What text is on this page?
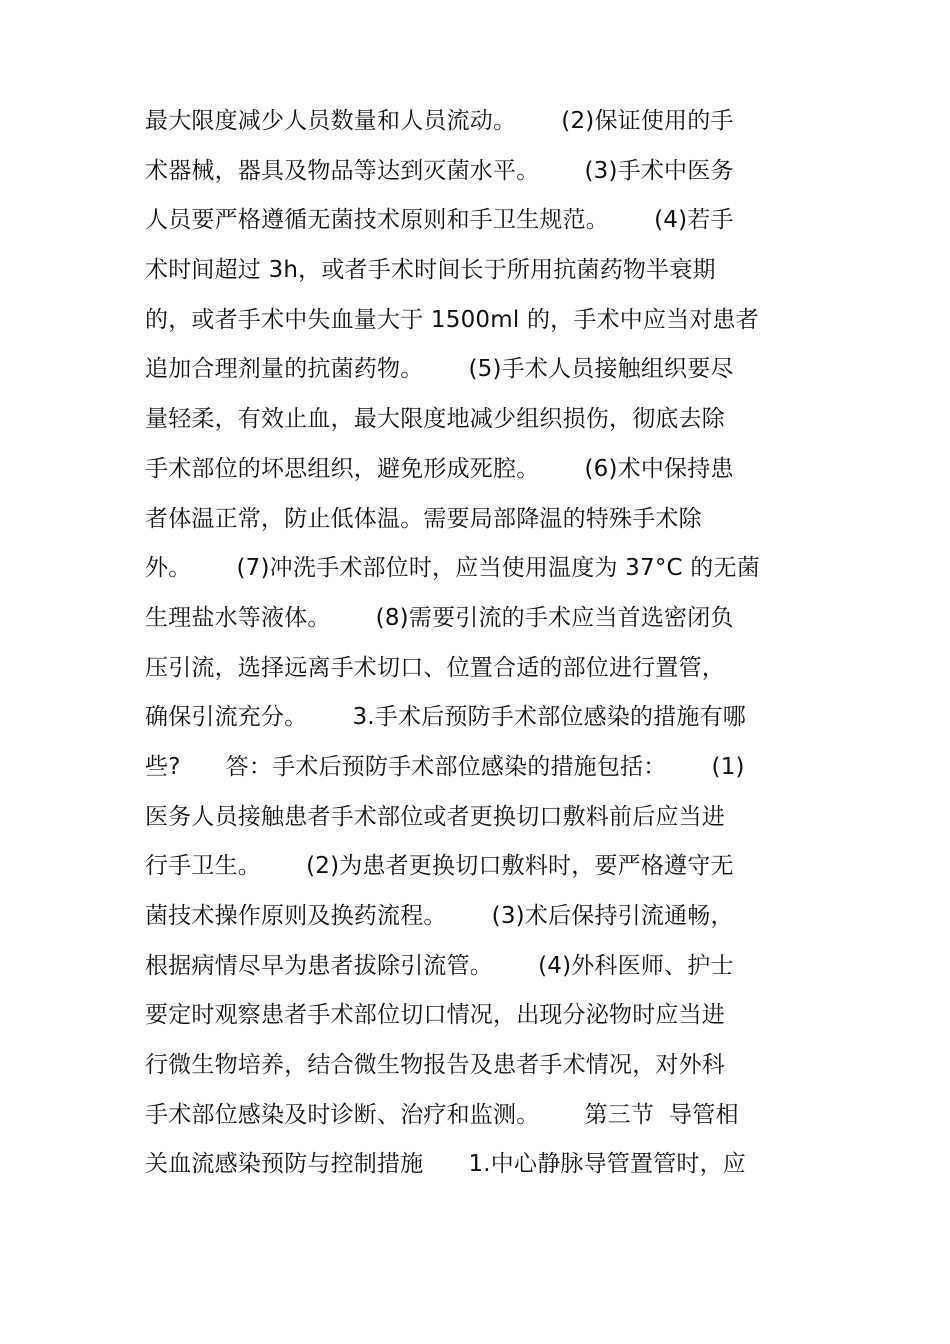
最大限度减少人员数量和人员流动。      (2)保证使用的手
术器械，器具及物品等达到灭菌水平。      (3)手术中医务
人员要严格遵循无菌技术原则和手卫生规范。      (4)若手
术时间超过 3h，或者手术时间长于所用抗菌药物半衰期
的，或者手术中失血量大于 1500ml 的，手术中应当对患者
追加合理剂量的抗菌药物。      (5)手术人员接触组织要尽
量轻柔，有效止血，最大限度地减少组织损伤，彻底去除
手术部位的坏思组织，避免形成死腔。      (6)术中保持患
者体温正常，防止低体温。需要局部降温的特殊手术除
外。      (7)冲洗手术部位时，应当使用温度为 37°C 的无菌
生理盐水等液体。      (8)需要引流的手术应当首选密闭负
压引流，选择远离手术切口、位置合适的部位进行置管，
确保引流充分。      3.手术后预防手术部位感染的措施有哪
些?      答：手术后预防手术部位感染的措施包括：      (1)
医务人员接触患者手术部位或者更换切口敷料前后应当进
行手卫生。      (2)为患者更换切口敷料时，要严格遵守无
菌技术操作原则及换药流程。      (3)术后保持引流通畅，
根据病情尽早为患者拔除引流管。      (4)外科医师、护士
要定时观察患者手术部位切口情况，出现分泌物时应当进
行微生物培养，结合微生物报告及患者手术情况，对外科
手术部位感染及时诊断、治疗和监测。      第三节  导管相
关血流感染预防与控制措施      1.中心静脉导管置管时，应
